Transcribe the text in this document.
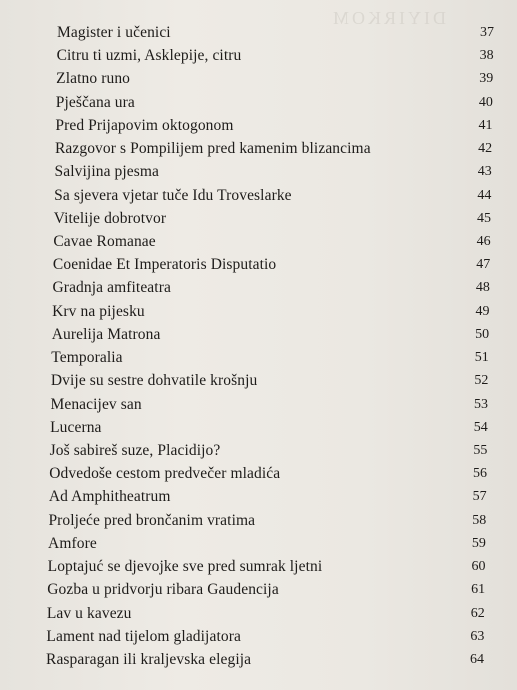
DIYIRKOM
Magister i učenici	37
Citru ti uzmi, Asklepije, citru	38
Zlatno runo	39
Pješčana ura	40
Pred Prijapovim oktogonom	41
Razgovor s Pompilijem pred kamenim blizancima	42
Salvijina pjesma	43
Sa sjevera vjetar tuče Idu Troveslarke	44
Vitelije dobrotvor	45
Cavae Romanae	46
Coenidae Et Imperatoris Disputatio	47
Gradnja amfiteatra	48
Krv na pijesku	49
Aurelija Matrona	50
Temporalia	51
Dvije su sestre dohvatile krošnju	52
Menacijev san	53
Lucerna	54
Još sabireš suze, Placidijo?	55
Odvedoše cestom predvečer mladića	56
Ad Amphitheatrum	57
Proljeće pred brončanim vratima	58
Amfore	59
Loptajuć se djevojke sve pred sumrak ljetni	60
Gozba u pridvorju ribara Gaudencija	61
Lav u kavezu	62
Lament nad tijelom gladijatora	63
Rasparagan ili kraljevska elegija	64
